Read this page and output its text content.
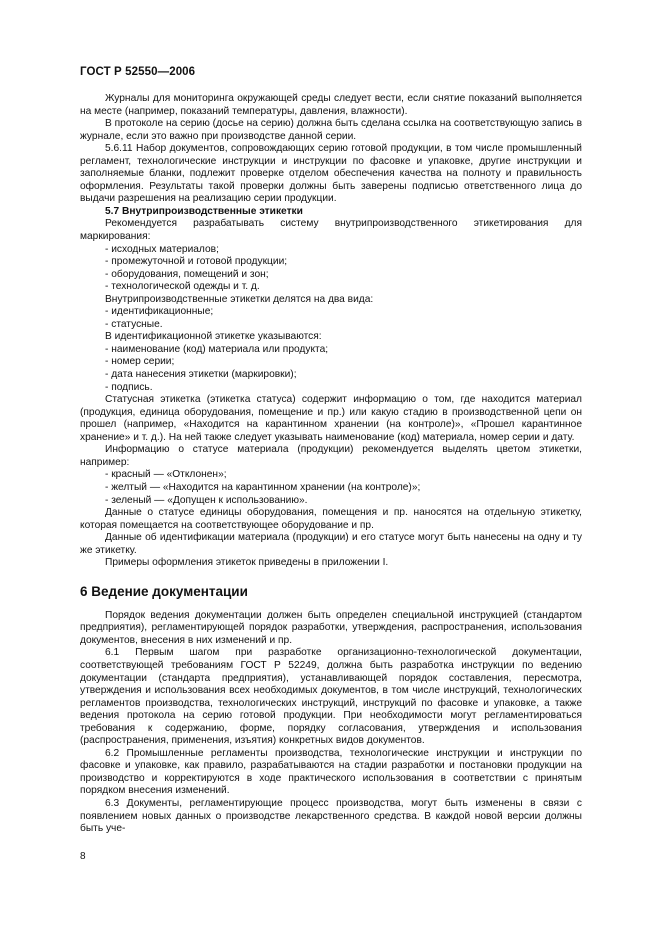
ГОСТ Р 52550—2006

Журналы для мониторинга окружающей среды следует вести, если снятие показаний выполняется на месте (например, показаний температуры, давления, влажности).

В протоколе на серию (досье на серию) должна быть сделана ссылка на соответствующую запись в журнале, если это важно при производстве данной серии.

5.6.11 Набор документов, сопровождающих серию готовой продукции, в том числе промышленный регламент, технологические инструкции и инструкции по фасовке и упаковке, другие инструкции и заполняемые бланки, подлежит проверке отделом обеспечения качества на полноту и правильность оформления. Результаты такой проверки должны быть заверены подписью ответственного лица до выдачи разрешения на реализацию серии продукции.

5.7 Внутрипроизводственные этикетки

Рекомендуется разрабатывать систему внутрипроизводственного этикетирования для маркирования:

- исходных материалов;

- промежуточной и готовой продукции;

- оборудования, помещений и зон;

- технологической одежды и т. д.

Внутрипроизводственные этикетки делятся на два вида:

- идентификационные;

- статусные.

В идентификационной этикетке указываются:

- наименование (код) материала или продукта;

- номер серии;

- дата нанесения этикетки (маркировки);

- подпись.

Статусная этикетка (этикетка статуса) содержит информацию о том, где находится материал (продукция, единица оборудования, помещение и пр.) или какую стадию в производственной цепи он прошел (например, «Находится на карантинном хранении (на контроле)», «Прошел карантинное хранение» и т. д.). На ней также следует указывать наименование (код) материала, номер серии и дату.

Информацию о статусе материала (продукции) рекомендуется выделять цветом этикетки, например:

- красный — «Отклонен»;

- желтый — «Находится на карантинном хранении (на контроле)»;

- зеленый — «Допущен к использованию».

Данные о статусе единицы оборудования, помещения и пр. наносятся на отдельную этикетку, которая помещается на соответствующее оборудование и пр.

Данные об идентификации материала (продукции) и его статусе могут быть нанесены на одну и ту же этикетку.

Примеры оформления этикеток приведены в приложении I.

6 Ведение документации

Порядок ведения документации должен быть определен специальной инструкцией (стандартом предприятия), регламентирующей порядок разработки, утверждения, распространения, использования документов, внесения в них изменений и пр.

6.1 Первым шагом при разработке организационно-технологической документации, соответствующей требованиям ГОСТ Р 52249, должна быть разработка инструкции по ведению документации (стандарта предприятия), устанавливающей порядок составления, пересмотра, утверждения и использования всех необходимых документов, в том числе инструкций, технологических регламентов производства, технологических инструкций, инструкций по фасовке и упаковке, а также ведения протокола на серию готовой продукции. При необходимости могут регламентироваться требования к содержанию, форме, порядку согласования, утверждения и использования (распространения, применения, изъятия) конкретных видов документов.

6.2 Промышленные регламенты производства, технологические инструкции и инструкции по фасовке и упаковке, как правило, разрабатываются на стадии разработки и постановки продукции на производство и корректируются в ходе практического использования в соответствии с принятым порядком внесения изменений.

6.3 Документы, регламентирующие процесс производства, могут быть изменены в связи с появлением новых данных о производстве лекарственного средства. В каждой новой версии должны быть уче-

8
